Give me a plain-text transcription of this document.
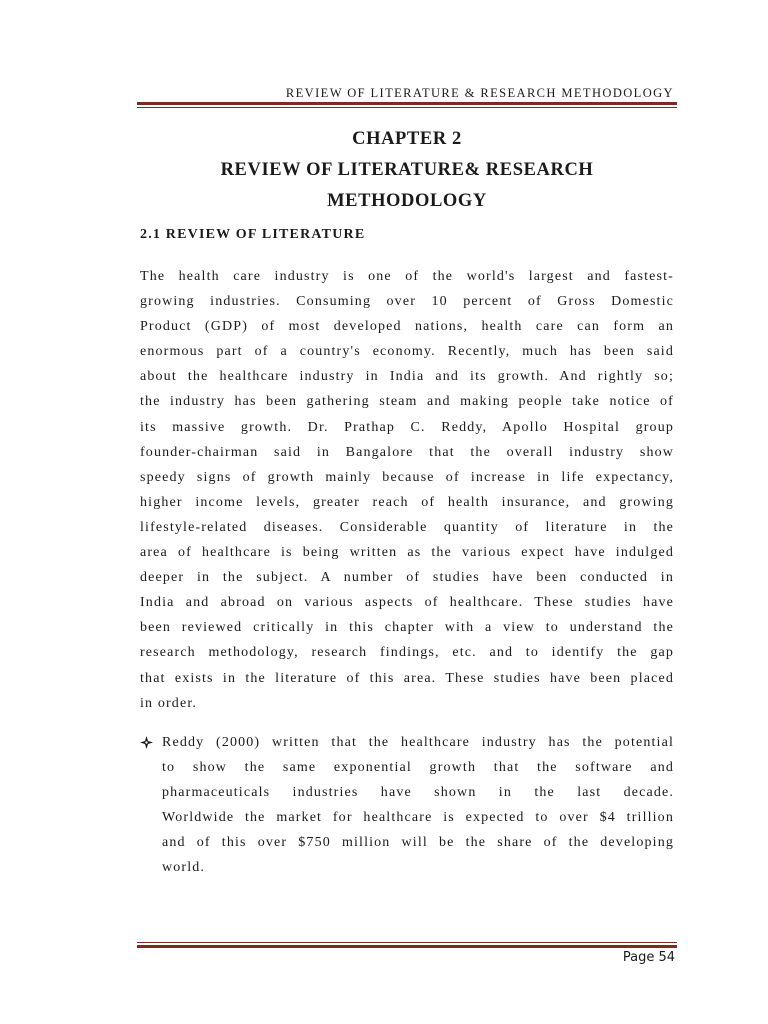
REVIEW OF LITERATURE & RESEARCH METHODOLOGY
CHAPTER 2
REVIEW OF LITERATURE& RESEARCH
METHODOLOGY
2.1 REVIEW OF LITERATURE
The health care industry is one of the world's largest and fastest-
growing industries. Consuming over 10 percent of Gross Domestic
Product (GDP) of most developed nations, health care can form an
enormous part of a country's economy. Recently, much has been said
about the healthcare industry in India and its growth. And rightly so;
the industry has been gathering steam and making people take notice of
its massive growth. Dr. Prathap C. Reddy, Apollo Hospital group
founder-chairman said in Bangalore that the overall industry show
speedy signs of growth mainly because of increase in life expectancy,
higher income levels, greater reach of health insurance, and growing
lifestyle-related diseases. Considerable quantity of literature in the
area of healthcare is being written as the various expect have indulged
deeper in the subject. A number of studies have been conducted in
India and abroad on various aspects of healthcare. These studies have
been reviewed critically in this chapter with a view to understand the
research methodology, research findings, etc. and to identify the gap
that exists in the literature of this area. These studies have been placed
in order.
Reddy (2000) written that the healthcare industry has the potential
to show the same exponential growth that the software and
pharmaceuticals industries have shown in the last decade.
Worldwide the market for healthcare is expected to over $4 trillion
and of this over $750 million will be the share of the developing
world.
Page 54
